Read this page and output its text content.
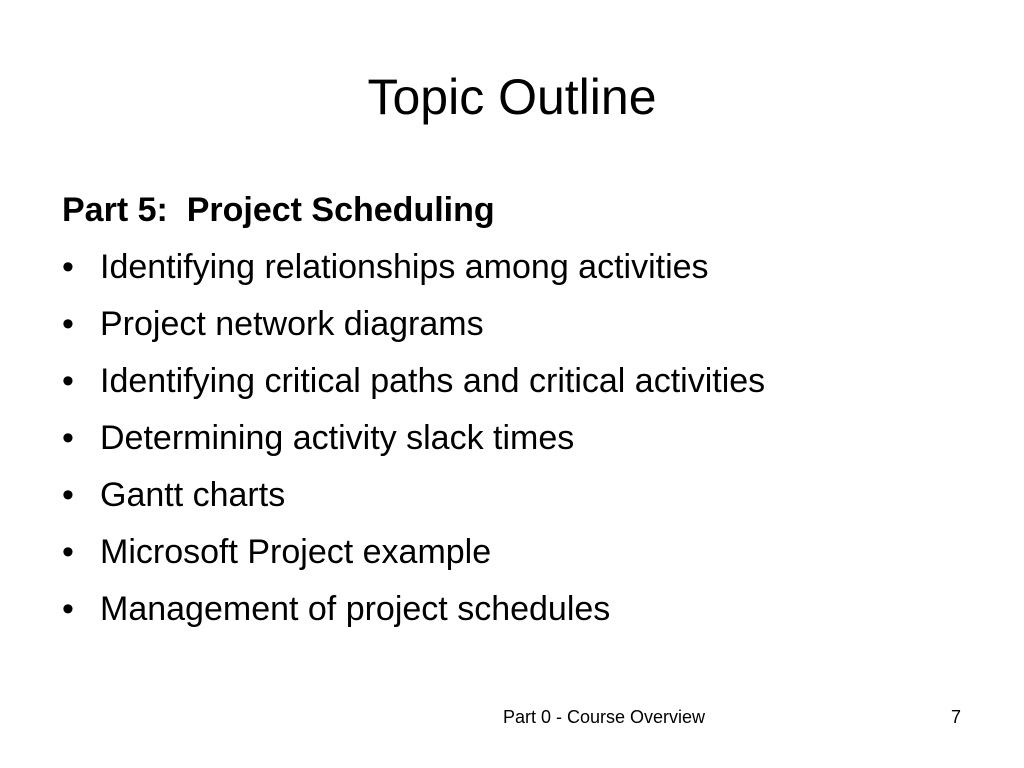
Topic Outline
Part 5:  Project Scheduling
• Identifying relationships among activities
• Project network diagrams
• Identifying critical paths and critical activities
• Determining activity slack times
• Gantt charts
• Microsoft Project example
• Management of project schedules
Part 0 - Course Overview	7
